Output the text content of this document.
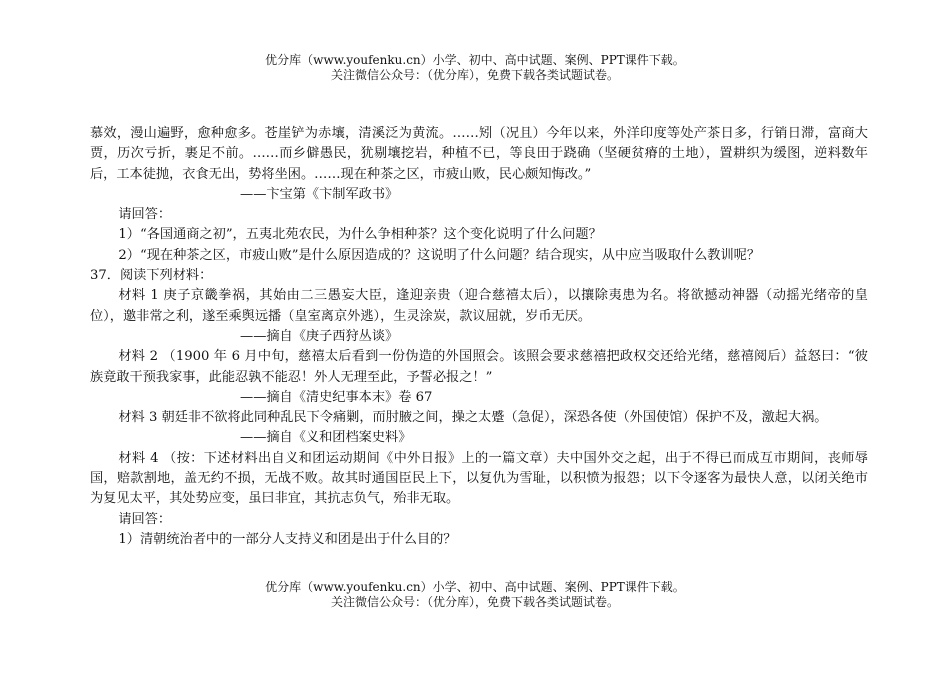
优分库（www.youfenku.cn）小学、初中、高中试题、案例、PPT课件下载。
关注微信公众号：（优分库），免费下载各类试题试卷。

慕效，漫山遍野，愈种愈多。苍崖铲为赤壤，清溪泛为黄流。……矧（况且）今年以来，外洋印度等处产茶日多，行销日滞，富商大贾，历次亏折，裹足不前。……而乡僻愚民，犹剔壤挖岩，种植不已，等良田于跷确（坚硬贫瘠的土地），置耕织为缓图，逆料数年后，工本徒抛，衣食无出，势将坐困。……现在种茶之区，市疲山败，民心颇知悔改。”

——卞宝第《卞制军政书》

请回答：

1）“各国通商之初”，五夷北苑农民，为什么争相种茶？这个变化说明了什么问题？

2）“现在种茶之区，市疲山败”是什么原因造成的？这说明了什么问题？结合现实，从中应当吸取什么教训呢？

37．阅读下列材料：

材料 1 庚子京畿拳祸，其始由二三愚妄大臣，逢迎亲贵（迎合慈禧太后），以攘除夷患为名。将欲撼动神器（动摇光绪帝的皇位），邀非常之利，遂至乘舆远播（皇室离京外逃），生灵涂炭，款议屈就，岁币无厌。

——摘自《庚子西狩丛谈》

材料 2 （1900 年 6 月中旬，慈禧太后看到一份伪造的外国照会。该照会要求慈禧把政权交还给光绪，慈禧阅后）益怒曰：“彼族竟敢干预我家事，此能忍孰不能忍！外人无理至此，予誓必报之！”

——摘自《清史纪事本末》卷 67

材料 3 朝廷非不欲将此同种乱民下令痛剿，而肘腋之间，操之太蹙（急促），深恐各使（外国使馆）保护不及，激起大祸。

——摘自《义和团档案史料》

材料 4 （按：下述材料出自义和团运动期间《中外日报》上的一篇文章）夫中国外交之起，出于不得已而成互市期间，丧师辱国，赔款割地，盖无约不损，无战不败。故其时通国臣民上下，以复仇为雪耻，以积愤为报怨；以下令逐客为最快人意，以闭关绝市为复见太平，其处势应变，虽曰非宜，其抗志负气，殆非无取。

请回答：

1）清朝统治者中的一部分人支持义和团是出于什么目的？

优分库（www.youfenku.cn）小学、初中、高中试题、案例、PPT课件下载。
关注微信公众号：（优分库），免费下载各类试题试卷。
